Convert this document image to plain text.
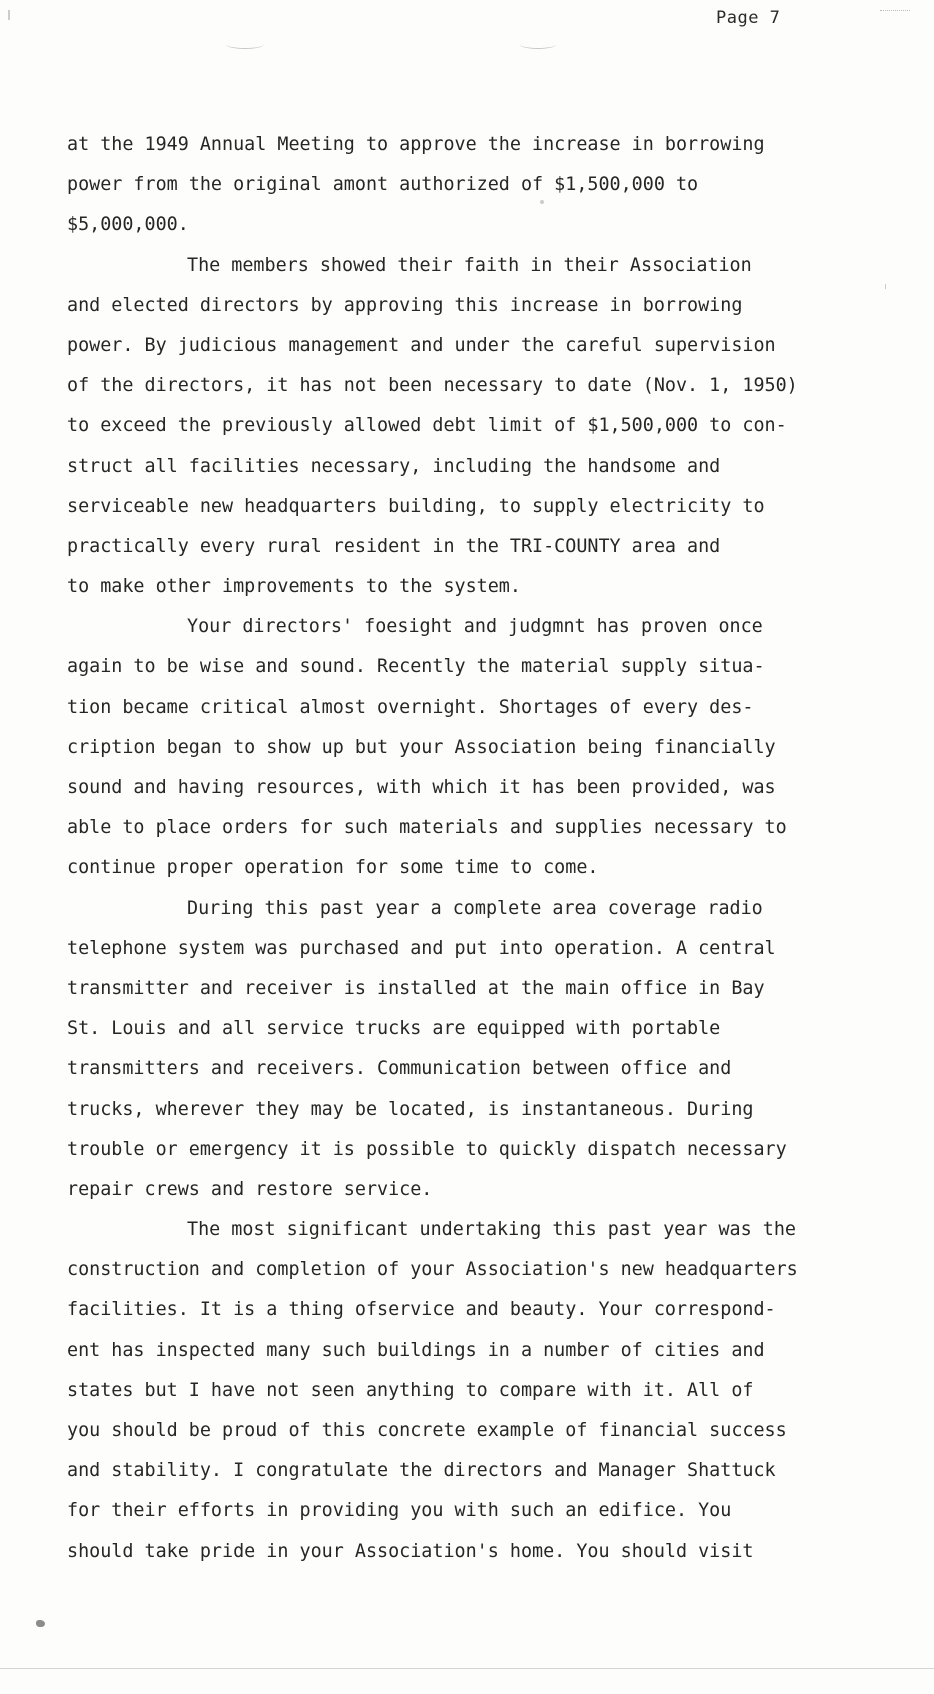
Page 7
at the 1949 Annual Meeting to approve the increase in borrowing
power from the original amont authorized of $1,500,000 to
$5,000,000.
The members showed their faith in their Association
and elected directors by approving this increase in borrowing
power. By judicious management and under the careful supervision
of the directors, it has not been necessary to date (Nov. 1, 1950)
to exceed the previously allowed debt limit of $1,500,000 to con-
struct all facilities necessary, including the handsome and
serviceable new headquarters building, to supply electricity to
practically every rural resident in the TRI-COUNTY area and
to make other improvements to the system.
Your directors' foesight and judgmnt has proven once
again to be wise and sound. Recently the material supply situa-
tion became critical almost overnight. Shortages of every des-
cription began to show up but your Association being financially
sound and having resources, with which it has been provided, was
able to place orders for such materials and supplies necessary to
continue proper operation for some time to come.
During this past year a complete area coverage radio
telephone system was purchased and put into operation. A central
transmitter and receiver is installed at the main office in Bay
St. Louis and all service trucks are equipped with portable
transmitters and receivers. Communication between office and
trucks, wherever they may be located, is instantaneous. During
trouble or emergency it is possible to quickly dispatch necessary
repair crews and restore service.
The most significant undertaking this past year was the
construction and completion of your Association's new headquarters
facilities. It is a thing ofservice and beauty. Your correspond-
ent has inspected many such buildings in a number of cities and
states but I have not seen anything to compare with it. All of
you should be proud of this concrete example of financial success
and stability. I congratulate the directors and Manager Shattuck
for their efforts in providing you with such an edifice. You
should take pride in your Association's home. You should visit
